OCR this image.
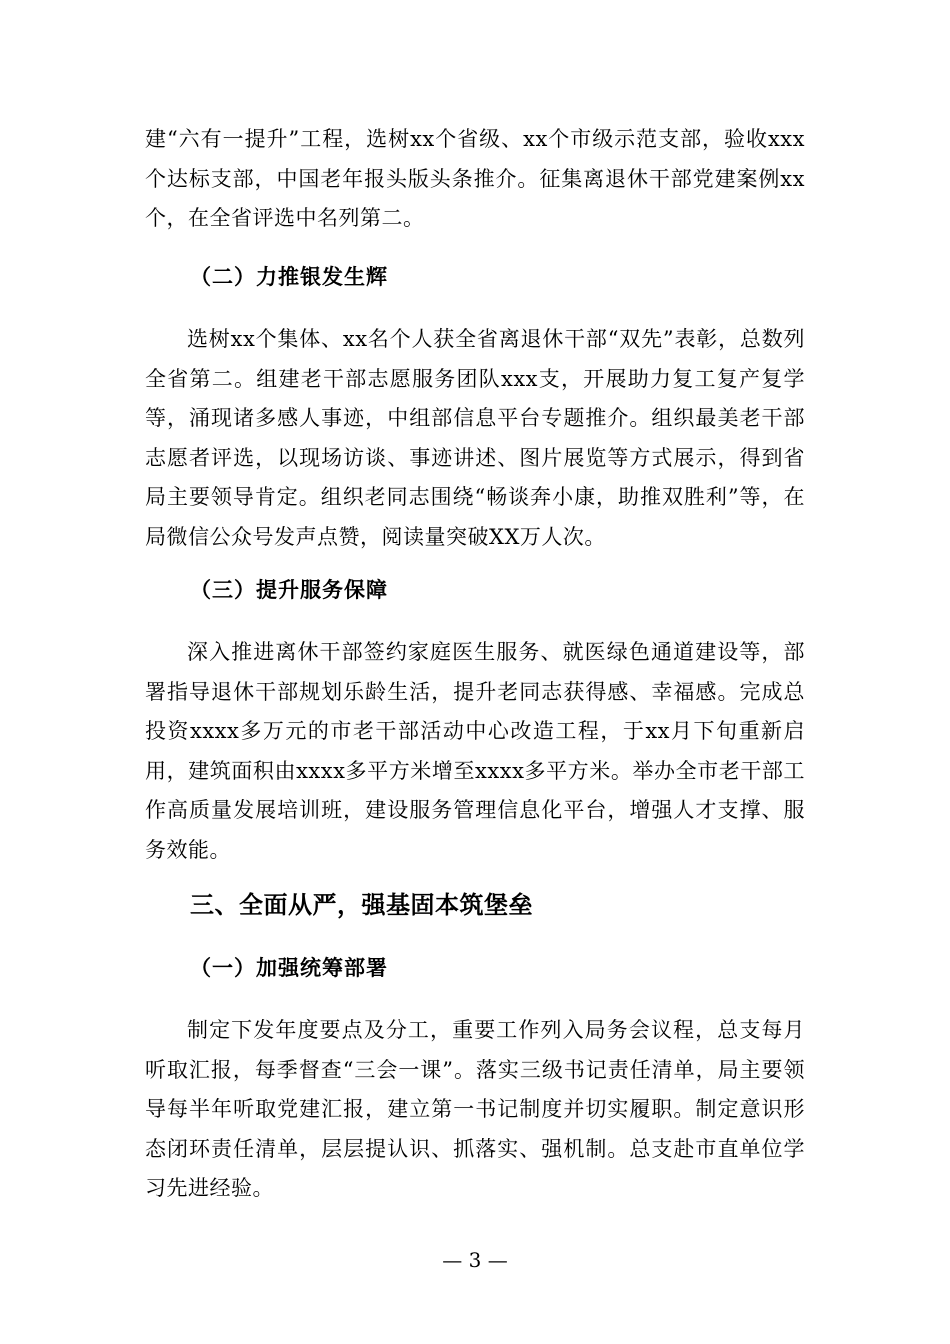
建“六有一提升”工程，选树xx个省级、xx个市级示范支部，验收xxx个达标支部，中国老年报头版头条推介。征集离退休干部党建案例xx个，在全省评选中名列第二。

（二）力推银发生辉

选树xx个集体、xx名个人获全省离退休干部“双先”表彰，总数列全省第二。组建老干部志愿服务团队xxx支，开展助力复工复产复学等，涌现诸多感人事迹，中组部信息平台专题推介。组织最美老干部志愿者评选，以现场访谈、事迹讲述、图片展览等方式展示，得到省局主要领导肯定。组织老同志围绕“畅谈奔小康，助推双胜利”等，在局微信公众号发声点赞，阅读量突破XX万人次。

（三）提升服务保障

深入推进离休干部签约家庭医生服务、就医绿色通道建设等，部署指导退休干部规划乐龄生活，提升老同志获得感、幸福感。完成总投资xxxx多万元的市老干部活动中心改造工程，于xx月下旬重新启用，建筑面积由xxxx多平方米增至xxxx多平方米。举办全市老干部工作高质量发展培训班，建设服务管理信息化平台，增强人才支撑、服务效能。

三、全面从严，强基固本筑堡垒
（一）加强统筹部署

制定下发年度要点及分工，重要工作列入局务会议程，总支每月听取汇报，每季督查“三会一课”。落实三级书记责任清单，局主要领导每半年听取党建汇报，建立第一书记制度并切实履职。制定意识形态闭环责任清单，层层提认识、抓落实、强机制。总支赴市直单位学习先进经验。

— 3 —
